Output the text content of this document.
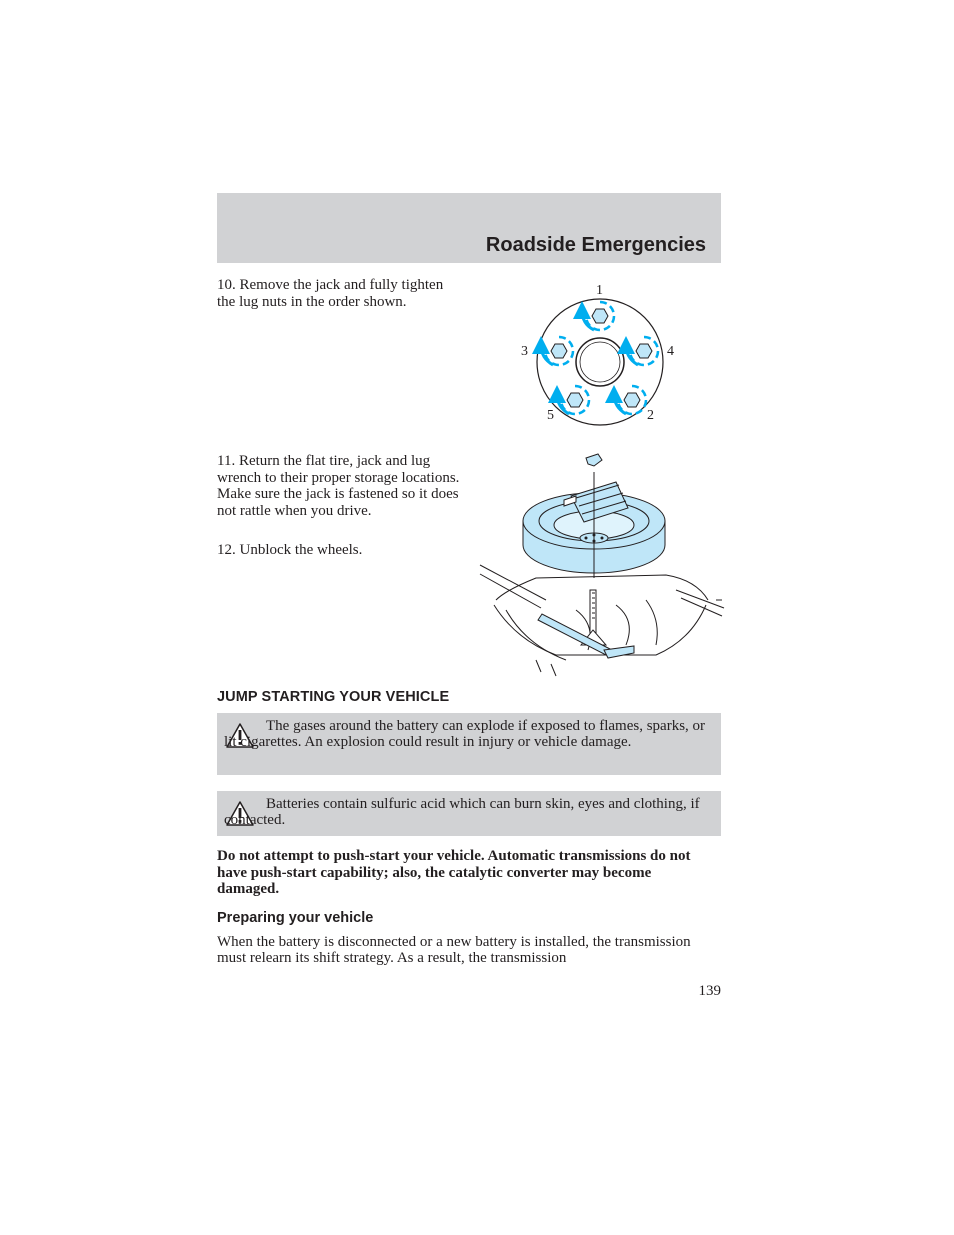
Roadside Emergencies
10. Remove the jack and fully tighten the lug nuts in the order shown.
1
3	4
5	2
11. Return the flat tire, jack and lug wrench to their proper storage locations. Make sure the jack is fastened so it does not rattle when you drive.
12. Unblock the wheels.
JUMP STARTING YOUR VEHICLE
The gases around the battery can explode if exposed to flames, sparks, or lit cigarettes. An explosion could result in injury or vehicle damage.
Batteries contain sulfuric acid which can burn skin, eyes and clothing, if contacted.
Do not attempt to push-start your vehicle. Automatic transmissions do not have push-start capability; also, the catalytic converter may become damaged.
Preparing your vehicle
When the battery is disconnected or a new battery is installed, the transmission must relearn its shift strategy. As a result, the transmission
139
